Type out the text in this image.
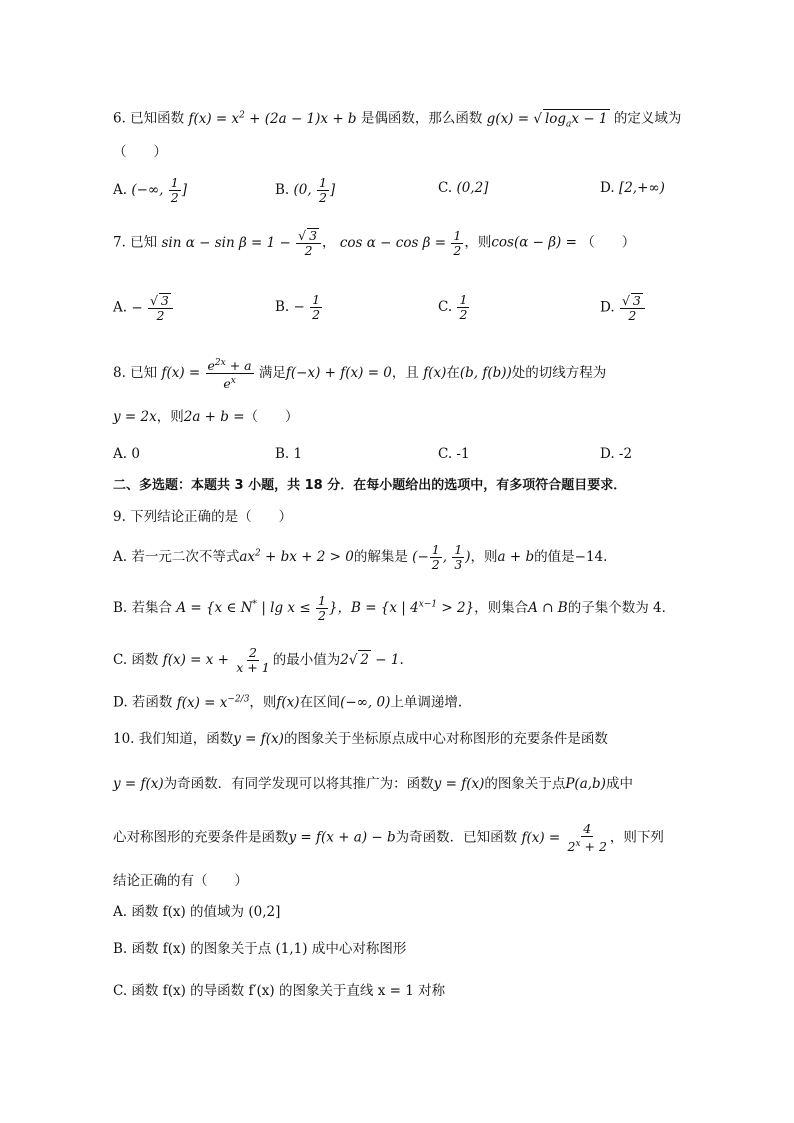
6. 已知函数 $f(x) = x^2 + (2a - 1)x + b$ 是偶函数，那么函数 g(x) = √ $\log_ax - 1$ 的定义域为
（　　）
A. (−∞, $\frac{1}{2}$ ]	B. (0, $\frac{1}{2}$ ]	C. (0,2]	D. [2,+∞)
7. 已知 $\sin \alpha - \sin \beta = 1 - \frac{√ 3}{2}$ ， $\cos \alpha - \cos \beta = \frac{1}{2}$ ，则cos(α − β) = （　　）
A. − $\frac{√ 3}{2}$	B. − $\frac{1}{2}$	C. $\frac{1}{2}$	D. $\frac{√ 3}{2}$
8. 已知 $f(x) = \frac{e^{2x} + a}{e^x}$ 满足f(−x) + f(x) = 0，且 f(x)在(b, f(b))处的切线方程为
y = 2x，则2a + b =（　　）
A. 0	B. 1	C. -1	D. -2
二、多选题：本题共 3 小题，共 18 分．在每小题给出的选项中，有多项符合题目要求．
9. 下列结论正确的是（　　）
A. 若一元二次不等式$ax^2$ + bx + 2 > 0的解集是 (− $\frac{1}{2}$ , $\frac{1}{3}$ )，则a + b的值是−14.
B. 若集合 A = {x ∈ N* | $\lg x \le \frac{1}{2}$ }，B = {x | $4^{x-1} > 2$}，则集合A ∩ B的子集个数为 4．
C. 函数 $f(x) = x + \frac{2}{x + 1}$ 的最小值为2√ 2 − 1.
D. 若函数 $f(x) = x^{-2/3}$，则f(x)在区间(−∞, 0)上单调递增.
10. 我们知道，函数y = f(x)的图象关于坐标原点成中心对称图形的充要条件是函数
y = f(x)为奇函数．有同学发现可以将其推广为：函数y = f(x)的图象关于点P(a,b)成中
心对称图形的充要条件是函数y = f(x + a) − b为奇函数．已知函数 $f(x) = \frac{4}{2^x + 2}$ ，则下列
结论正确的有（　　）
A. 函数 f(x) 的值域为 (0,2]
B. 函数 f(x) 的图象关于点 (1,1) 成中心对称图形
C. 函数 f(x) 的导函数 f′(x) 的图象关于直线 x = 1 对称
